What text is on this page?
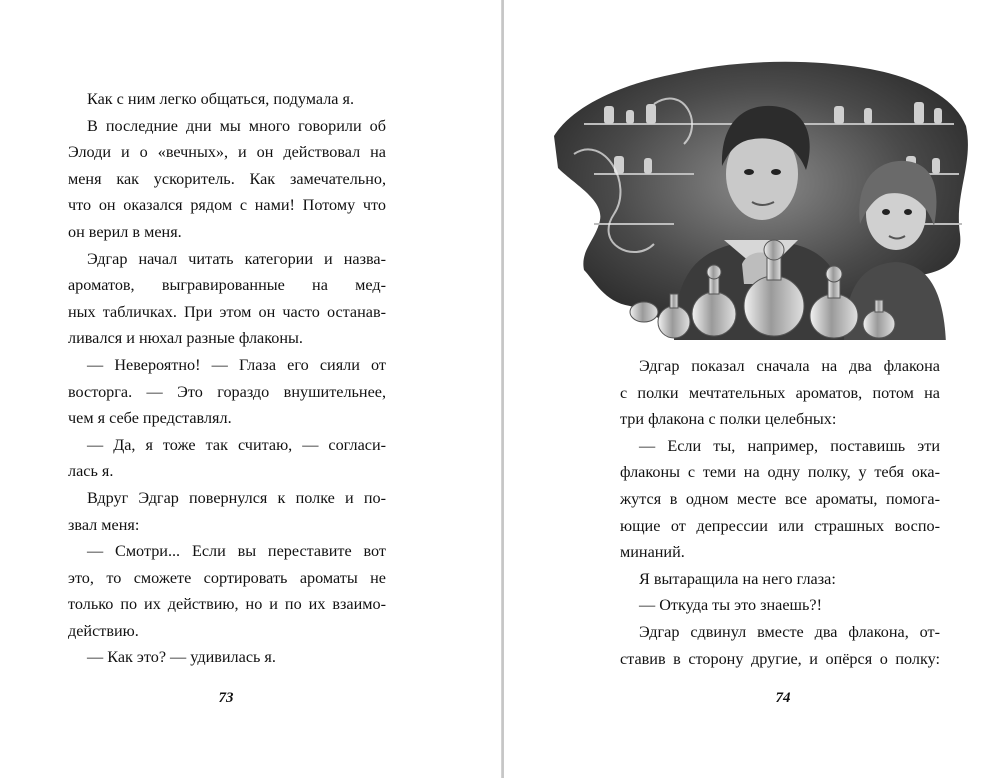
Как с ним легко общаться, подумала я.
В последние дни мы много говорили об
Элоди и о «вечных», и он действовал на
меня как ускоритель. Как замечательно,
что он оказался рядом с нами! Потому что
он верил в меня.
Эдгар начал читать категории и назва-
ароматов, выгравированные на мед-
ных табличках. При этом он часто останав-
ливался и нюхал разные флаконы.
— Невероятно! — Глаза его сияли от
восторга. — Это гораздо внушительнее,
чем я себе представлял.
— Да, я тоже так считаю, — согласи-
лась я.
Вдруг Эдгар повернулся к полке и по-
звал меня:
— Смотри... Если вы переставите вот
это, то сможете сортировать ароматы не
только по их действию, но и по их взаимо-
действию.
— Как это? — удивилась я.
73
Эдгар показал сначала на два флакона
с полки мечтательных ароматов, потом на
три флакона с полки целебных:
— Если ты, например, поставишь эти
флаконы с теми на одну полку, у тебя ока-
жутся в одном месте все ароматы, помога-
ющие от депрессии или страшных воспо-
минаний.
Я вытаращила на него глаза:
— Откуда ты это знаешь?!
Эдгар сдвинул вместе два флакона, от-
ставив в сторону другие, и опёрся о полку:
74
